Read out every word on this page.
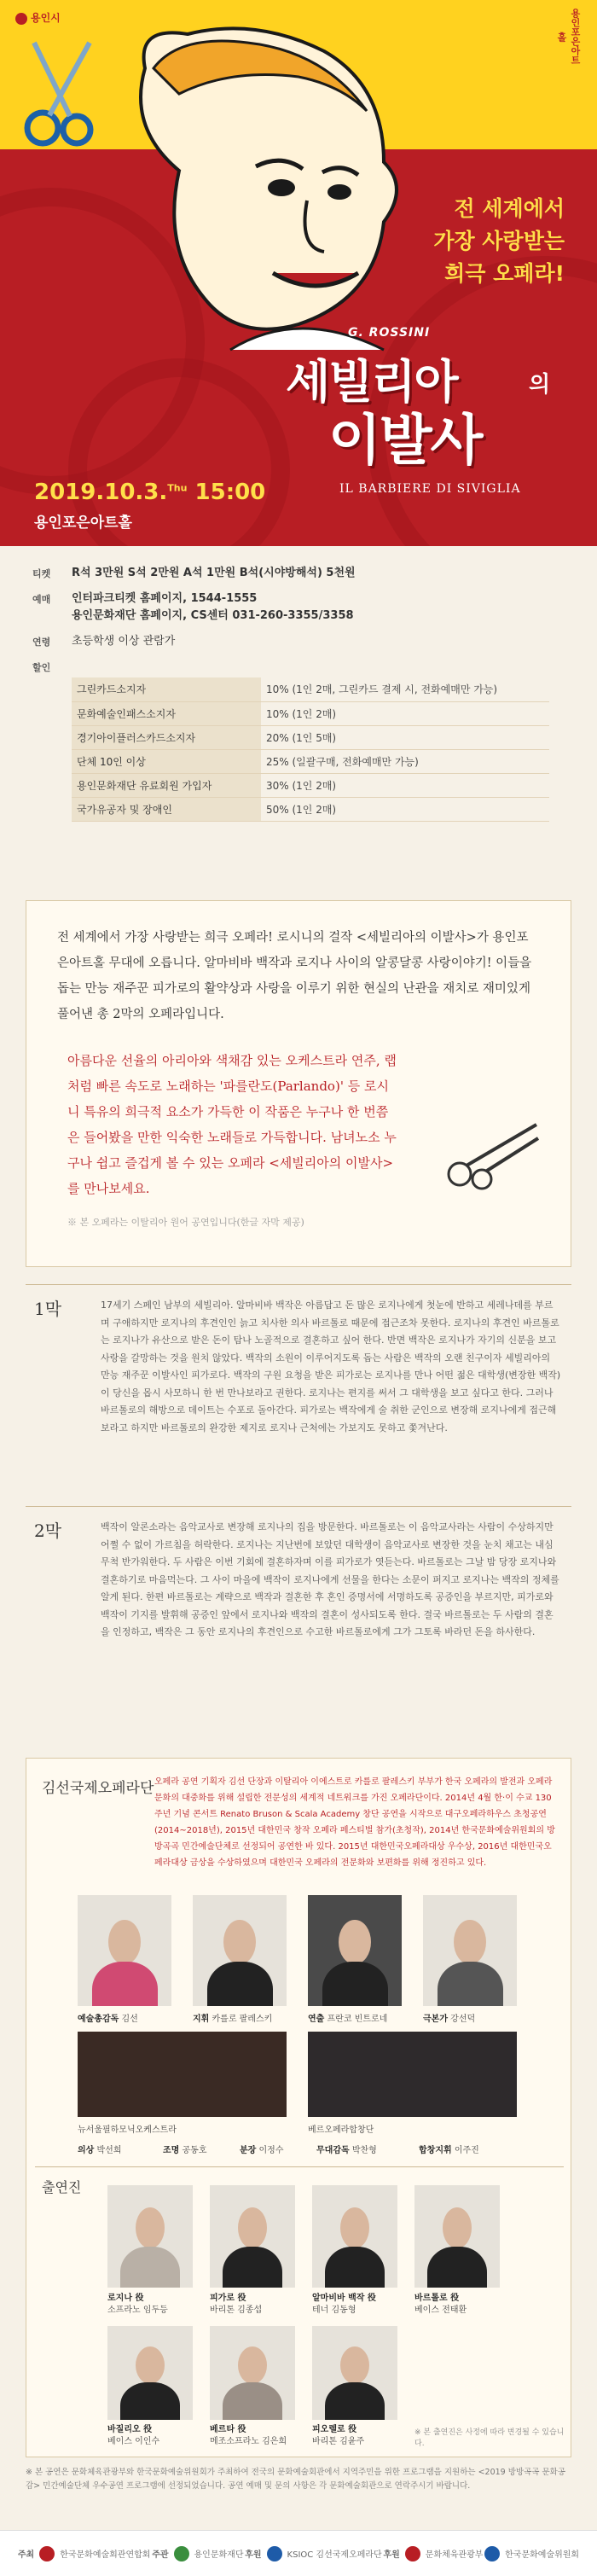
용인시	용인포은아트홀
전 세계에서
가장 사랑받는
희극 오페라!
G. ROSSINI
세빌리아	의
이발사
2019.10.3.$^{Thu}$ 15:00
용인포은아트홀
IL BARBIERE DI SIVIGLIA
티켓	R석 3만원 S석 2만원 A석 1만원 B석(시야방해석) 5천원
예매	인터파크티켓 홈페이지, 1544-1555
용인문화재단 홈페이지, CS센터 031-260-3355/3358
연령	초등학생 이상 관람가
할인
그린카드소지자	10% (1인 2매, 그린카드 결제 시, 전화예매만 가능)
문화예술인패스소지자	10% (1인 2매)
경기아이플러스카드소지자	20% (1인 5매)
단체 10인 이상	25% (일괄구매, 전화예매만 가능)
용인문화재단 유료회원 가입자	30% (1인 2매)
국가유공자 및 장애인	50% (1인 2매)

전 세계에서 가장 사랑받는 희극 오페라! 로시니의 걸작 <세빌리아의 이발사>가 용인포은아트홀 무대에 오릅니다. 알마비바 백작과 로지나 사이의 알콩달콩 사랑이야기! 이들을 돕는 만능 재주꾼 피가로의 활약상과 사랑을 이루기 위한 현실의 난관을 재치로 재미있게 풀어낸 총 2막의 오페라입니다.

아름다운 선율의 아리아와 색채감 있는 오케스트라 연주, 랩처럼 빠른 속도로 노래하는 '파를란도(Parlando)' 등 로시니 특유의 희극적 요소가 가득한 이 작품은 누구나 한 번쯤은 들어봤을 만한 익숙한 노래들로 가득합니다. 남녀노소 누구나 쉽고 즐겁게 볼 수 있는 오페라 <세빌리아의 이발사>를 만나보세요.

※ 본 오페라는 이탈리아 원어 공연입니다(한글 자막 제공)

1막	17세기 스페인 남부의 세빌리아. 알마비바 백작은 아름답고 돈 많은 로지나에게 첫눈에 반하고 세레나데를 부르며 구애하지만 로지나의 후견인인 늙고 치사한 의사 바르톨로 때문에 접근조차 못한다. 로지나의 후견인 바르톨로는 로지나가 유산으로 받은 돈이 탐나 노골적으로 결혼하고 싶어 한다. 반면 백작은 로지나가 자기의 신분을 보고 사랑을 갈망하는 것을 원치 않았다. 백작의 소원이 이루어지도록 돕는 사람은 백작의 오랜 친구이자 세빌리아의 만능 재주꾼 이발사인 피가로다. 백작의 구원 요청을 받은 피가로는 로지나를 만나 어떤 젊은 대학생(변장한 백작)이 당신을 몹시 사모하니 한 번 만나보라고 권한다. 로지나는 편지를 써서 그 대학생을 보고 싶다고 한다. 그러나 바르톨로의 해방으로 데이트는 수포로 돌아간다. 피가로는 백작에게 술 취한 군인으로 변장해 로지나에게 접근해보라고 하지만 바르톨로의 완강한 제지로 로지나 근처에는 가보지도 못하고 쫓겨난다.
2막	백작이 알론소라는 음악교사로 변장해 로지나의 집을 방문한다. 바르톨로는 이 음악교사라는 사람이 수상하지만 어쩔 수 없이 가르침을 허락한다. 로지나는 지난번에 보았던 대학생이 음악교사로 변장한 것을 눈치 채고는 내심 무척 반가워한다. 두 사람은 이번 기회에 결혼하자며 이를 피가로가 엿듣는다. 바르톨로는 그날 밤 당장 로지나와 결혼하기로 마음먹는다. 그 사이 마을에 백작이 로지나에게 선물을 한다는 소문이 퍼지고 로지나는 백작의 정체를 알게 된다. 한편 바르톨로는 계략으로 백작과 결혼한 후 혼인 증명서에 서명하도록 공증인을 부르지만, 피가로와 백작이 기지를 발휘해 공증인 앞에서 로지나와 백작의 결혼이 성사되도록 한다. 결국 바르톨로는 두 사람의 결혼을 인정하고, 백작은 그 동안 로지나의 후견인으로 수고한 바르톨로에게 그가 그토록 바라던 돈을 하사한다.
김선국제오페라단 오페라 공연 기획자 김선 단장과 이탈리아 이에스트로 카를로 팔레스키 부부가 한국 오페라의 발전과 오페라 문화의 대중화를 위해 설립한 전문성의 세계적 네트워크를 가진 오페라단이다. 2014년 4월 한·이 수교 130주년 기념 콘서트 Renato Bruson & Scala Academy 창단 공연을 시작으로 대구오페라하우스 초청공연(2014~2018년), 2015년 대한민국 창작 오페라 페스티벌 참가(초청작), 2014년 한국문화예술위원회의 방방곡곡 민간예술단체로 선정되어 공연한 바 있다. 2015년 대한민국오페라대상 우수상, 2016년 대한민국오페라대상 금상을 수상하였으며 대한민국 오페라의 전문화와 보편화를 위해 정진하고 있다.
예술총감독 김선	지휘 카를로 팔레스키	연출 프란코 빈트로네	극본가 강선덕
뉴서울필하모닉오케스트라	베르오페라합창단
의상 박선희	조명 공동호	분장 이정수	무대감독 박찬형	합창지휘 이주진
출연진
로지나 役
소프라노 임두등
피가로 役
바리톤 김종섭
알마비바 백작 役
테너 김동형
바르톨로 役
베이스 전태환
바질리오 役
베이스 이인수
베르타 役
메조소프라노 김은희
피오렐로 役
바리톤 김윤주
※ 본 출연진은 사정에 따라 변경될 수 있습니다.
※ 본 공연은 문화체육관광부와 한국문화예술위원회가 주최하여 전국의 문화예술회관에서 지역주민을 위한 프로그램을 지원하는 <2019 방방곡곡 문화공감> 민간예술단체 우수공연 프로그램에 선정되었습니다. 공연 예매 및 문의 사항은 각 문화예술회관으로 연락주시기 바랍니다.
주최	한국문화예술회관연합회 주관	용인문화재단 후원	KSIOC 김선국제오페라단 후원	문화체육관광부	한국문화예술위원회
